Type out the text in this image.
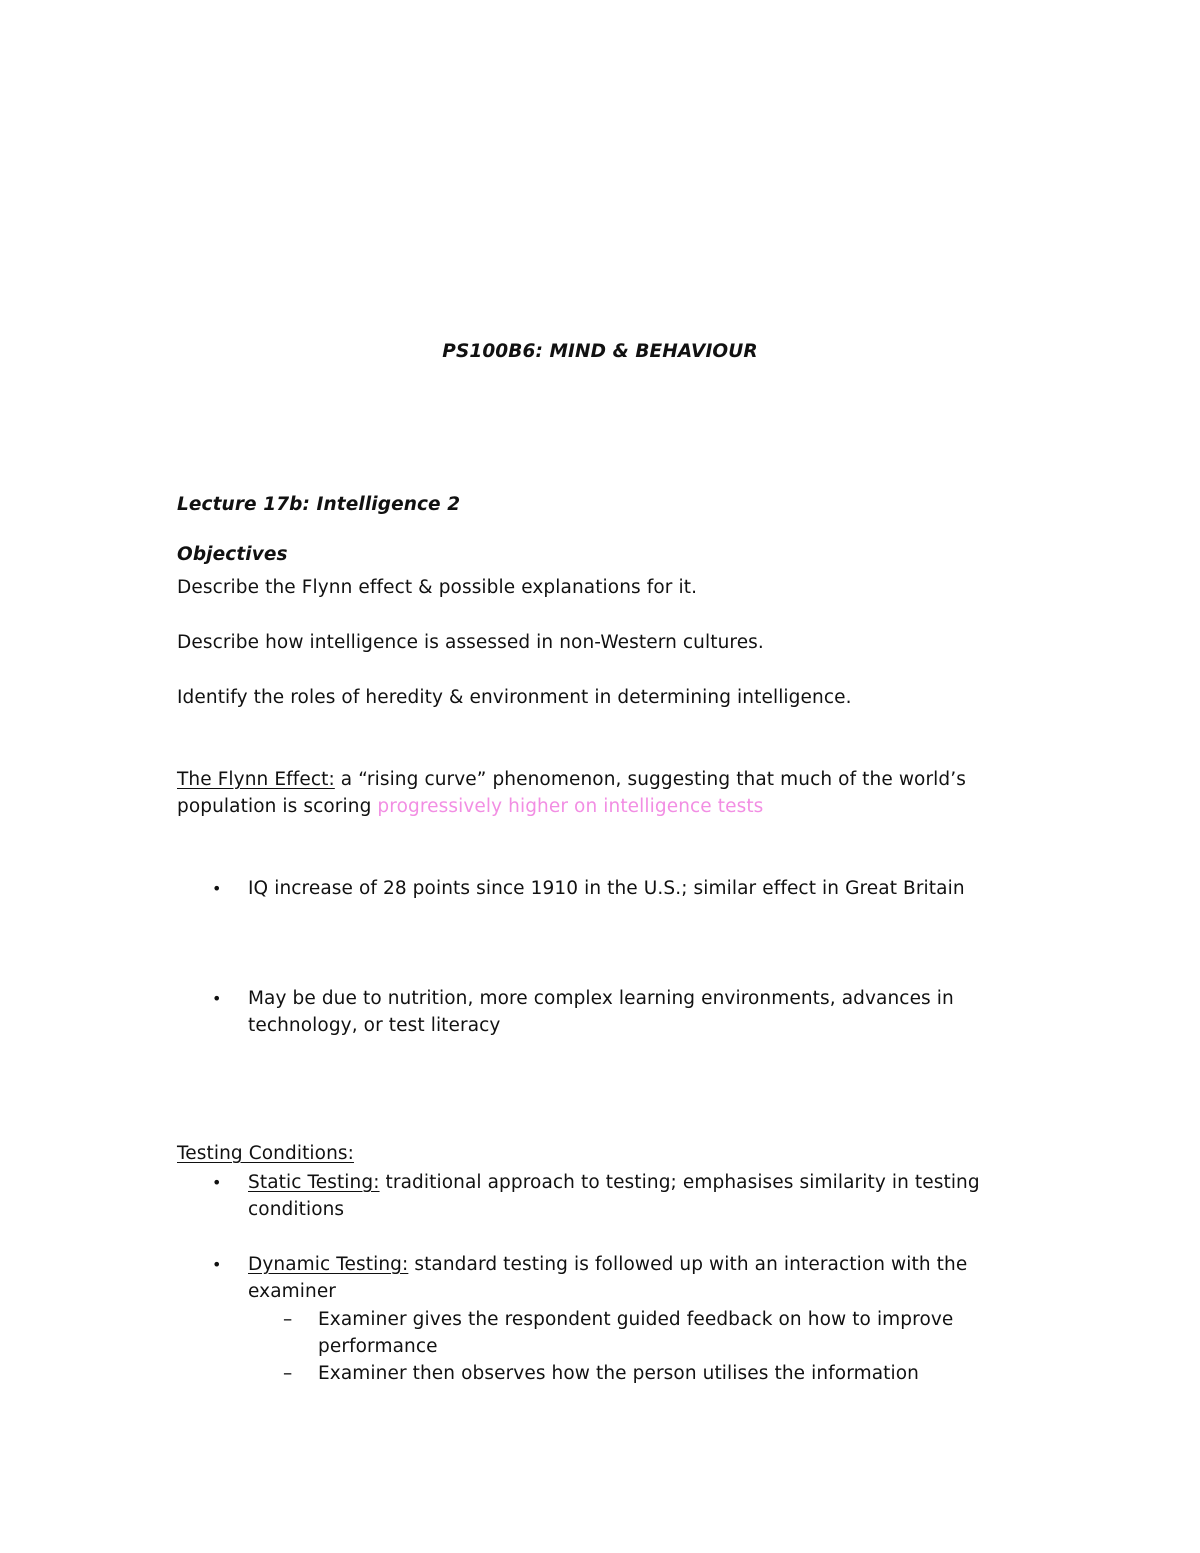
PS100B6: MIND & BEHAVIOUR
Lecture 17b: Intelligence 2
Objectives
Describe the Flynn effect & possible explanations for it.
Describe how intelligence is assessed in non-Western cultures.
Identify the roles of heredity & environment in determining intelligence.
The Flynn Effect: a “rising curve” phenomenon, suggesting that much of the world’s
population is scoring progressively higher on intelligence tests
• IQ increase of 28 points since 1910 in the U.S.; similar effect in Great Britain
• May be due to nutrition, more complex learning environments, advances in
technology, or test literacy
Testing Conditions:
• Static Testing: traditional approach to testing; emphasises similarity in testing
conditions
• Dynamic Testing: standard testing is followed up with an interaction with the
examiner
– Examiner gives the respondent guided feedback on how to improve
performance
– Examiner then observes how the person utilises the information
